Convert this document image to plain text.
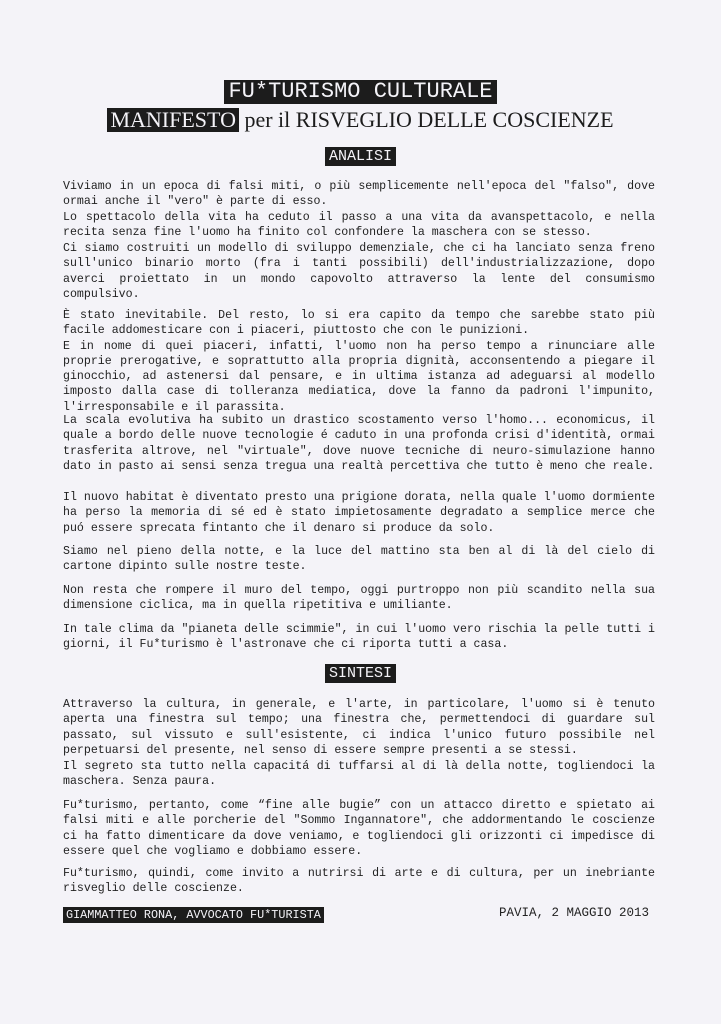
FU*TURISMO CULTURALE
MANIFESTO per il RISVEGLIO DELLE COSCIENZE
ANALISI
Viviamo in un epoca di falsi miti, o più semplicemente nell'epoca del "falso", dove ormai anche il "vero" è parte di esso.
Lo spettacolo della vita ha ceduto il passo a una vita da avanspettacolo, e nella recita senza fine l'uomo ha finito col confondere la maschera con se stesso.
Ci siamo costruiti un modello di sviluppo demenziale, che ci ha lanciato senza freno sull'unico binario morto (fra i tanti possibili) dell'industrializzazione, dopo averci proiettato in un mondo capovolto attraverso la lente del consumismo compulsivo.
È stato inevitabile. Del resto, lo si era capito da tempo che sarebbe stato più facile addomesticare con i piaceri, piuttosto che con le punizioni.
E in nome di quei piaceri, infatti, l'uomo non ha perso tempo a rinunciare alle proprie prerogative, e soprattutto alla propria dignità, acconsentendo a piegare il ginocchio, ad astenersi dal pensare, e in ultima istanza ad adeguarsi al modello imposto dalla case di tolleranza mediatica, dove la fanno da padroni l'impunito, l'irresponsabile e il parassita.
La scala evolutiva ha subito un drastico scostamento verso l'homo... economicus, il quale a bordo delle nuove tecnologie é caduto in una profonda crisi d'identità, ormai trasferita altrove, nel "virtuale", dove nuove tecniche di neuro-simulazione hanno dato in pasto ai sensi senza tregua una realtà percettiva che tutto è meno che reale.
Il nuovo habitat è diventato presto una prigione dorata, nella quale l'uomo dormiente ha perso la memoria di sé ed è stato impietosamente degradato a semplice merce che puó essere sprecata fintanto che il denaro si produce da solo.
Siamo nel pieno della notte, e la luce del mattino sta ben al di là del cielo di cartone dipinto sulle nostre teste.
Non resta che rompere il muro del tempo, oggi purtroppo non più scandito nella sua dimensione ciclica, ma in quella ripetitiva e umiliante.
In tale clima da "pianeta delle scimmie", in cui l'uomo vero rischia la pelle tutti i giorni, il Fu*turismo è l'astronave che ci riporta tutti a casa.
SINTESI
Attraverso la cultura, in generale, e l'arte, in particolare, l'uomo si è tenuto aperta una finestra sul tempo; una finestra che, permettendoci di guardare sul passato, sul vissuto e sull'esistente, ci indica l'unico futuro possibile nel perpetuarsi del presente, nel senso di essere sempre presenti a se stessi.
Il segreto sta tutto nella capacitá di tuffarsi al di là della notte, togliendoci la maschera. Senza paura.
Fu*turismo, pertanto, come “fine alle bugie” con un attacco diretto e spietato ai falsi miti e alle porcherie del "Sommo Ingannatore", che addormentando le coscienze ci ha fatto dimenticare da dove veniamo, e togliendoci gli orizzonti ci impedisce di essere quel che vogliamo e dobbiamo essere.
Fu*turismo, quindi, come invito a nutrirsi di arte e di cultura, per un inebriante risveglio delle coscienze.
GIAMMATTEO RONA, AVVOCATO FU*TURISTA	PAVIA, 2 MAGGIO 2013
